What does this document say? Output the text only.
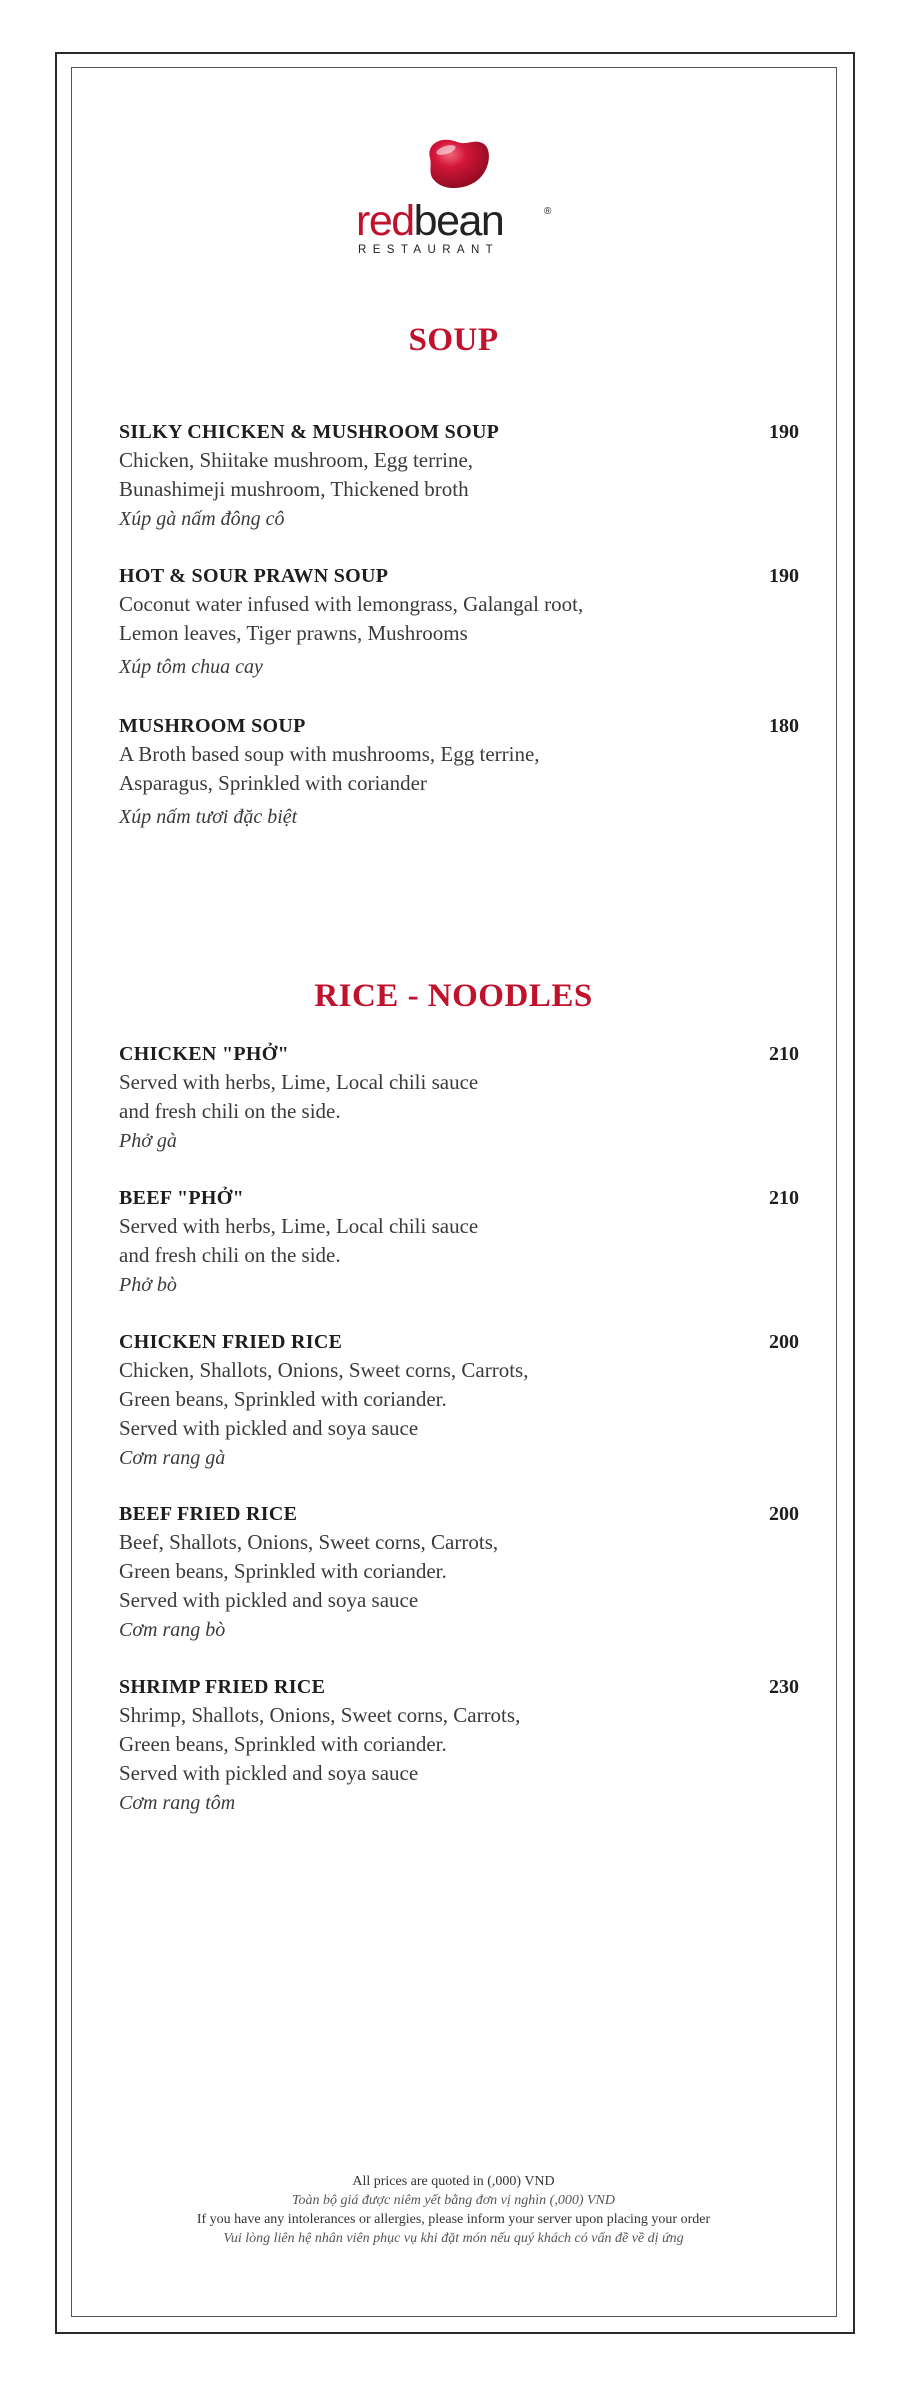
redbean	®
RESTAURANT
SOUP
SILKY CHICKEN & MUSHROOM SOUP	190
Chicken, Shiitake mushroom, Egg terrine,
Bunashimeji mushroom, Thickened broth
Xúp gà nấm đông cô
HOT & SOUR PRAWN SOUP	190
Coconut water infused with lemongrass, Galangal root,
Lemon leaves, Tiger prawns, Mushrooms
Xúp tôm chua cay
MUSHROOM SOUP	180
A Broth based soup with mushrooms, Egg terrine,
Asparagus, Sprinkled with coriander
Xúp nấm tươi đặc biệt
RICE - NOODLES
CHICKEN "PHỞ"	210
Served with herbs, Lime, Local chili sauce
and fresh chili on the side.
Phở gà
BEEF "PHỞ"	210
Served with herbs, Lime, Local chili sauce
and fresh chili on the side.
Phở bò
CHICKEN FRIED RICE	200
Chicken, Shallots, Onions, Sweet corns, Carrots,
Green beans, Sprinkled with coriander.
Served with pickled and soya sauce
Cơm rang gà
BEEF FRIED RICE	200
Beef, Shallots, Onions, Sweet corns, Carrots,
Green beans, Sprinkled with coriander.
Served with pickled and soya sauce
Cơm rang bò
SHRIMP FRIED RICE	230
Shrimp, Shallots, Onions, Sweet corns, Carrots,
Green beans, Sprinkled with coriander.
Served with pickled and soya sauce
Cơm rang tôm
All prices are quoted in (,000) VND
Toàn bộ giá được niêm yết bằng đơn vị nghìn (,000) VND
If you have any intolerances or allergies, please inform your server upon placing your order
Vui lòng liên hệ nhân viên phục vụ khi đặt món nếu quý khách có vấn đề về dị ứng
